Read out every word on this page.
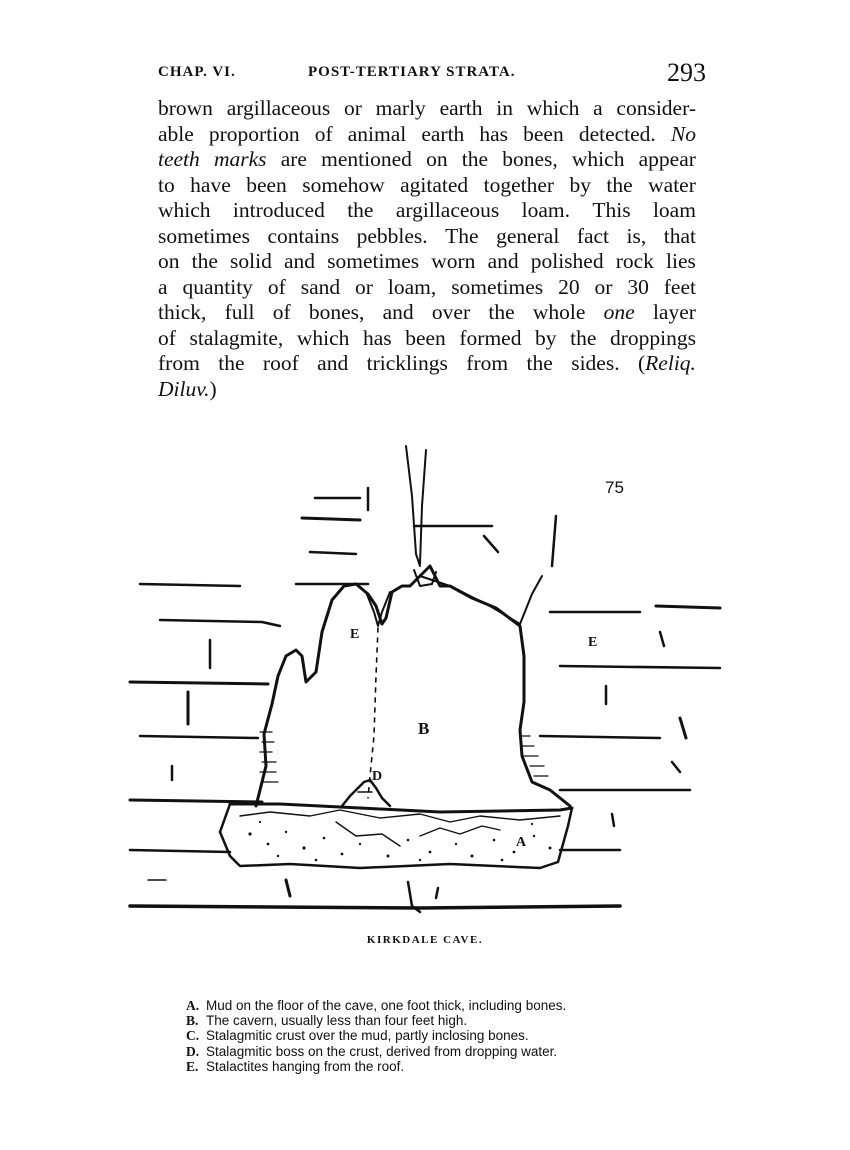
CHAP. VI.	POST-TERTIARY STRATA.	293
brown argillaceous or marly earth in which a consider-
able proportion of animal earth has been detected. No
teeth marks are mentioned on the bones, which appear
to have been somehow agitated together by the water
which introduced the argillaceous loam. This loam
sometimes contains pebbles. The general fact is, that
on the solid and sometimes worn and polished rock lies
a quantity of sand or loam, sometimes 20 or 30 feet
thick, full of bones, and over the whole one layer
of stalagmite, which has been formed by the droppings
from the roof and tricklings from the sides. (Reliq.
Diluv.)
E
E
B
D
A
75
KIRKDALE CAVE.
A. Mud on the floor of the cave, one foot thick, including bones.
B. The cavern, usually less than four feet high.
C. Stalagmitic crust over the mud, partly inclosing bones.
D. Stalagmitic boss on the crust, derived from dropping water.
E. Stalactites hanging from the roof.
